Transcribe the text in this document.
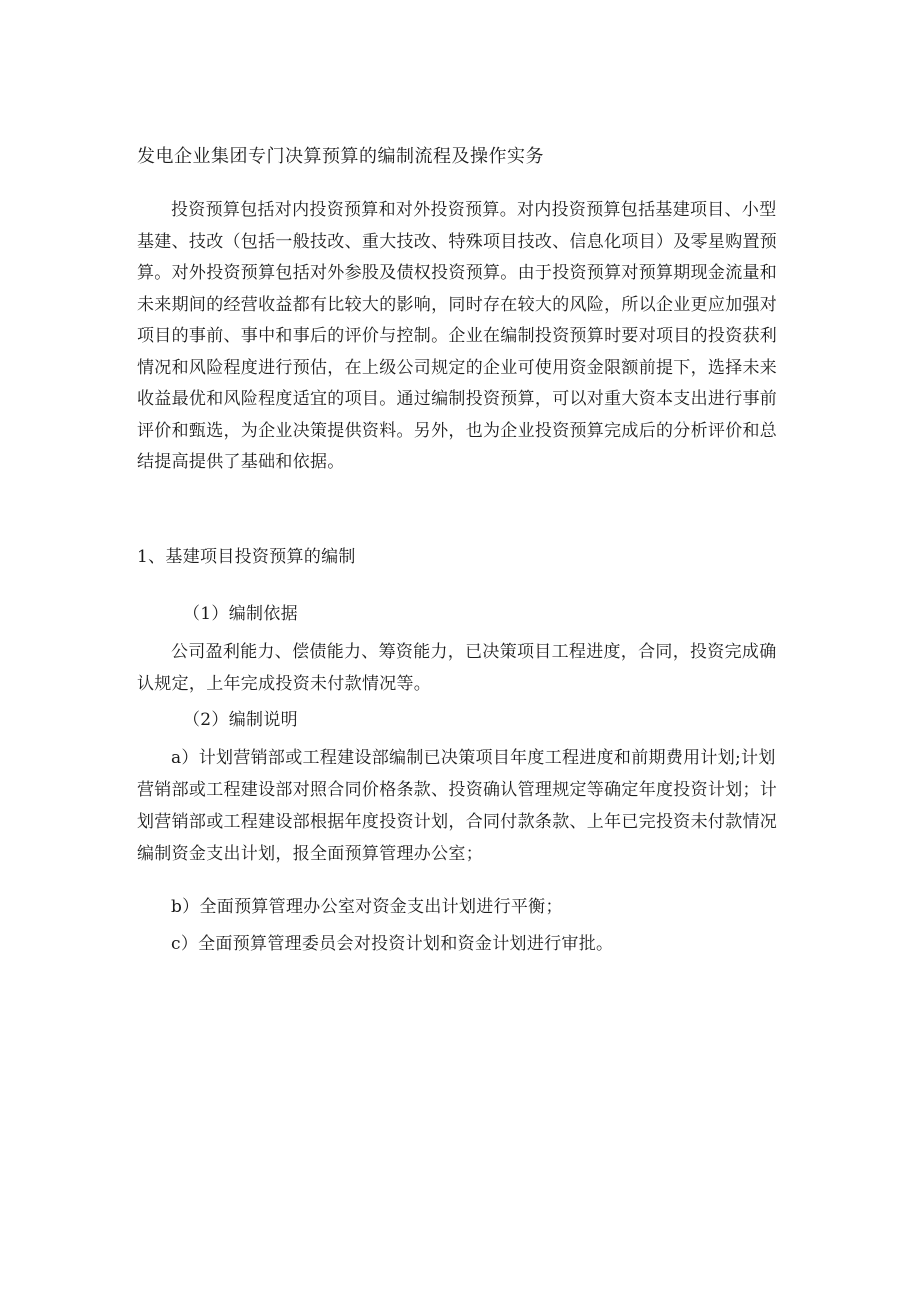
发电企业集团专门决算预算的编制流程及操作实务
投资预算包括对内投资预算和对外投资预算。对内投资预算包括基建项目、小型基建、技改（包括一般技改、重大技改、特殊项目技改、信息化项目）及零星购置预算。对外投资预算包括对外参股及债权投资预算。由于投资预算对预算期现金流量和未来期间的经营收益都有比较大的影响，同时存在较大的风险，所以企业更应加强对项目的事前、事中和事后的评价与控制。企业在编制投资预算时要对项目的投资获利情况和风险程度进行预估，在上级公司规定的企业可使用资金限额前提下，选择未来收益最优和风险程度适宜的项目。通过编制投资预算，可以对重大资本支出进行事前评价和甄选，为企业决策提供资料。另外，也为企业投资预算完成后的分析评价和总结提高提供了基础和依据。
1、基建项目投资预算的编制
（1）编制依据
公司盈利能力、偿债能力、筹资能力，已决策项目工程进度，合同，投资完成确认规定，上年完成投资未付款情况等。
（2）编制说明
a）计划营销部或工程建设部编制已决策项目年度工程进度和前期费用计划;计划营销部或工程建设部对照合同价格条款、投资确认管理规定等确定年度投资计划；计划营销部或工程建设部根据年度投资计划，合同付款条款、上年已完投资未付款情况编制资金支出计划，报全面预算管理办公室；
b）全面预算管理办公室对资金支出计划进行平衡；
c）全面预算管理委员会对投资计划和资金计划进行审批。
